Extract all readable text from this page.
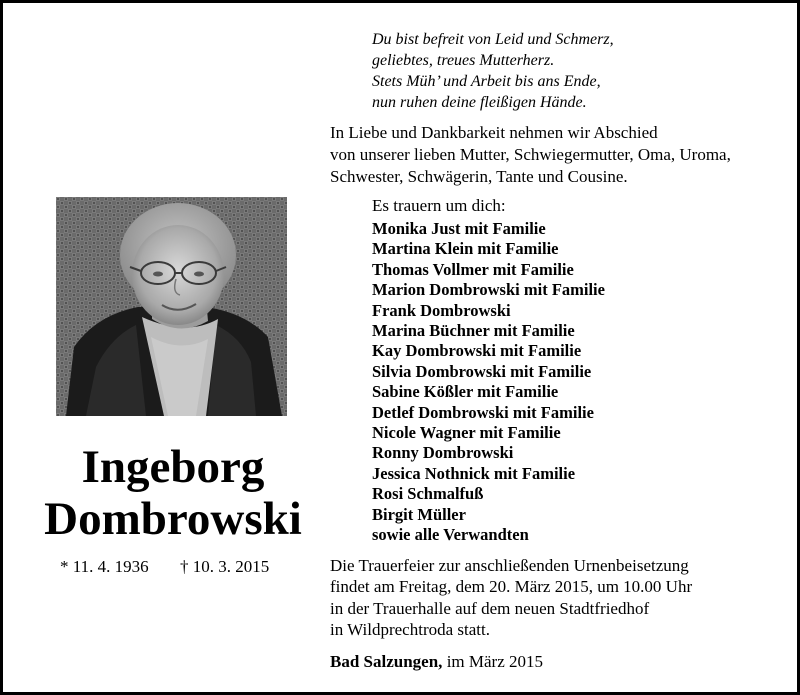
Du bist befreit von Leid und Schmerz,
geliebtes, treues Mutterherz.
Stets Müh’ und Arbeit bis ans Ende,
nun ruhen deine fleißigen Hände.
In Liebe und Dankbarkeit nehmen wir Abschied
von unserer lieben Mutter, Schwiegermutter, Oma, Uroma,
Schwester, Schwägerin, Tante und Cousine.
Es trauern um dich:
Monika Just mit Familie
Martina Klein mit Familie
Thomas Vollmer mit Familie
Marion Dombrowski mit Familie
Frank Dombrowski
Marina Büchner mit Familie
Kay Dombrowski mit Familie
Silvia Dombrowski mit Familie
Sabine Kößler mit Familie
Detlef Dombrowski mit Familie
Nicole Wagner mit Familie
Ronny Dombrowski
Jessica Nothnick mit Familie
Rosi Schmalfuß
Birgit Müller
sowie alle Verwandten
Ingeborg
Dombrowski
* 11. 4. 1936 † 10. 3. 2015	Die Trauerfeier zur anschließenden Urnenbeisetzung
findet am Freitag, dem 20. März 2015, um 10.00 Uhr
in der Trauerhalle auf dem neuen Stadtfriedhof
in Wildprechtroda statt.
Bad Salzungen, im März 2015
